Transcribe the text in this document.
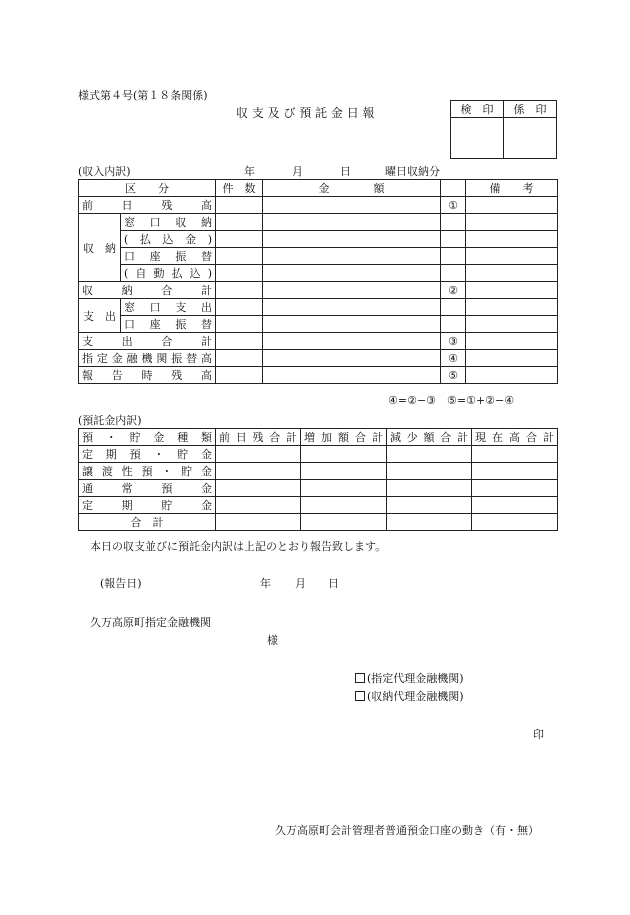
様式第４号(第１８条関係)
収 支 及 び 預 託 金 日 報	検　印	係　印

(収入内訳)	年	月	日	曜日収納分
区　　分		件　数	金　　　　額		備　　考
前日残高				①	
収　納	窓口収納				
	(払込金)				
	口座振替				
	(自動払込)				
収納合計				②	
支　出	窓口支出				
	口座振替				
支出合計				③	
指定金融機関振替高				④	
報告時残高				⑤	
④=②−③　⑤=①+②−④
(預託金内訳)
預・貯金種類	前日残合計	増加額合計	減少額合計	現在高合計
定期預・貯金				
譲渡性預・貯金				
通常預金				
定期貯金				
合　計				
本日の収支並びに預託金内訳は上記のとおり報告致します。
(報告日)	年 月 日
久万高原町指定金融機関
様
(指定代理金融機関)
(収納代理金融機関)
印
久万高原町会計管理者普通預金口座の動き（有・無）
